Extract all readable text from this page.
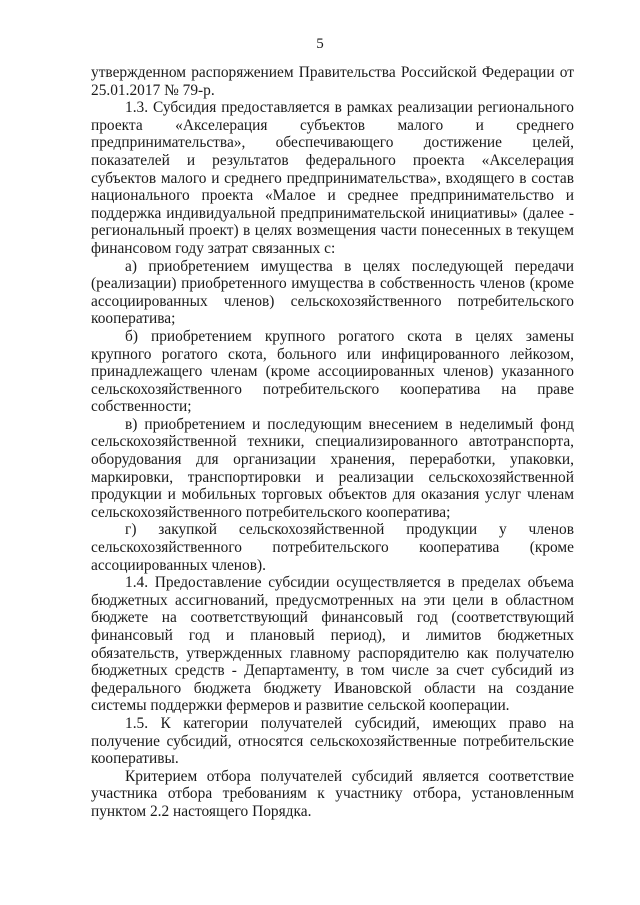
5

утвержденном распоряжением Правительства Российской Федерации от 25.01.2017 № 79-р.

1.3. Субсидия предоставляется в рамках реализации регионального проекта «Акселерация субъектов малого и среднего предпринимательства», обеспечивающего достижение целей, показателей и результатов федерального проекта «Акселерация субъектов малого и среднего предпринимательства», входящего в состав национального проекта «Малое и среднее предпринимательство и поддержка индивидуальной предпринимательской инициативы» (далее - региональный проект) в целях возмещения части понесенных в текущем финансовом году затрат связанных с:

а) приобретением имущества в целях последующей передачи (реализации) приобретенного имущества в собственность членов (кроме ассоциированных членов) сельскохозяйственного потребительского кооператива;

б) приобретением крупного рогатого скота в целях замены крупного рогатого скота, больного или инфицированного лейкозом, принадлежащего членам (кроме ассоциированных членов) указанного сельскохозяйственного потребительского кооператива на праве собственности;

в) приобретением и последующим внесением в неделимый фонд сельскохозяйственной техники, специализированного автотранспорта, оборудования для организации хранения, переработки, упаковки, маркировки, транспортировки и реализации сельскохозяйственной продукции и мобильных торговых объектов для оказания услуг членам сельскохозяйственного потребительского кооператива;

г) закупкой сельскохозяйственной продукции у членов сельскохозяйственного потребительского кооператива (кроме ассоциированных членов).

1.4. Предоставление субсидии осуществляется в пределах объема бюджетных ассигнований, предусмотренных на эти цели в областном бюджете на соответствующий финансовый год (соответствующий финансовый год и плановый период), и лимитов бюджетных обязательств, утвержденных главному распорядителю как получателю бюджетных средств - Департаменту, в том числе за счет субсидий из федерального бюджета бюджету Ивановской области на создание системы поддержки фермеров и развитие сельской кооперации.

1.5. К категории получателей субсидий, имеющих право на получение субсидий, относятся сельскохозяйственные потребительские кооперативы.

Критерием отбора получателей субсидий является соответствие участника отбора требованиям к участнику отбора, установленным пунктом 2.2 настоящего Порядка.
